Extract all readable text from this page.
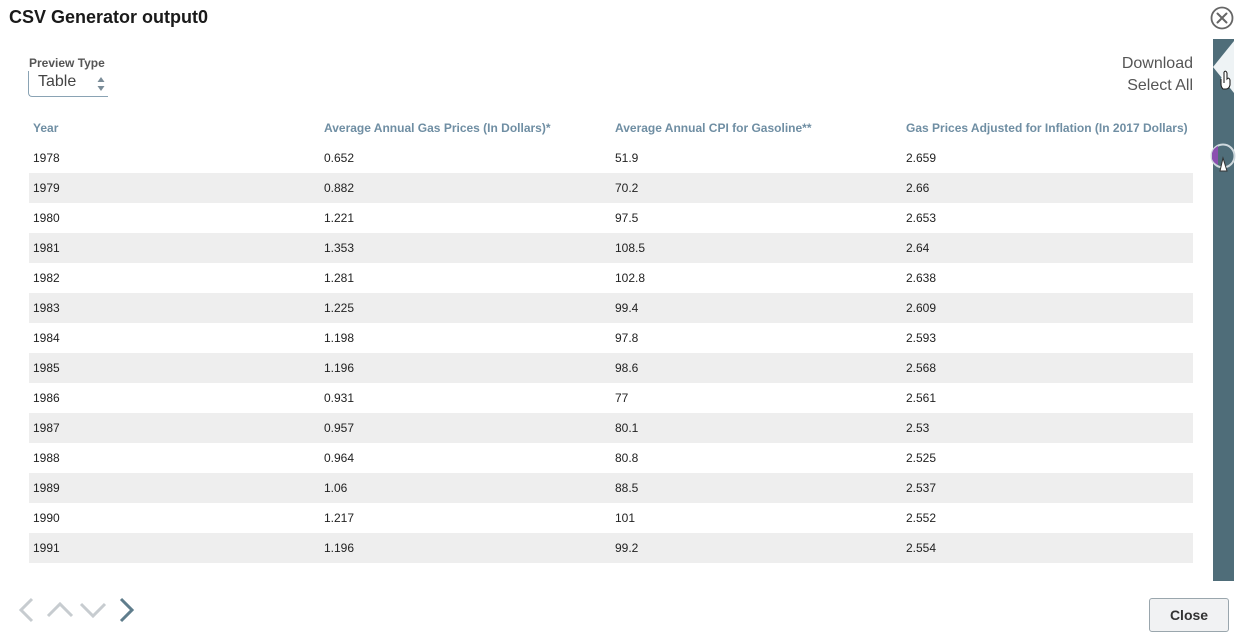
CSV Generator output0
Preview Type
Table
Download
Select All
Year	Average Annual Gas Prices (In Dollars)*	Average Annual CPI for Gasoline**	Gas Prices Adjusted for Inflation (In 2017 Dollars)
1978	0.652	51.9	2.659
1979	0.882	70.2	2.66
1980	1.221	97.5	2.653
1981	1.353	108.5	2.64
1982	1.281	102.8	2.638
1983	1.225	99.4	2.609
1984	1.198	97.8	2.593
1985	1.196	98.6	2.568
1986	0.931	77	2.561
1987	0.957	80.1	2.53
1988	0.964	80.8	2.525
1989	1.06	88.5	2.537
1990	1.217	101	2.552
1991	1.196	99.2	2.554
Close
